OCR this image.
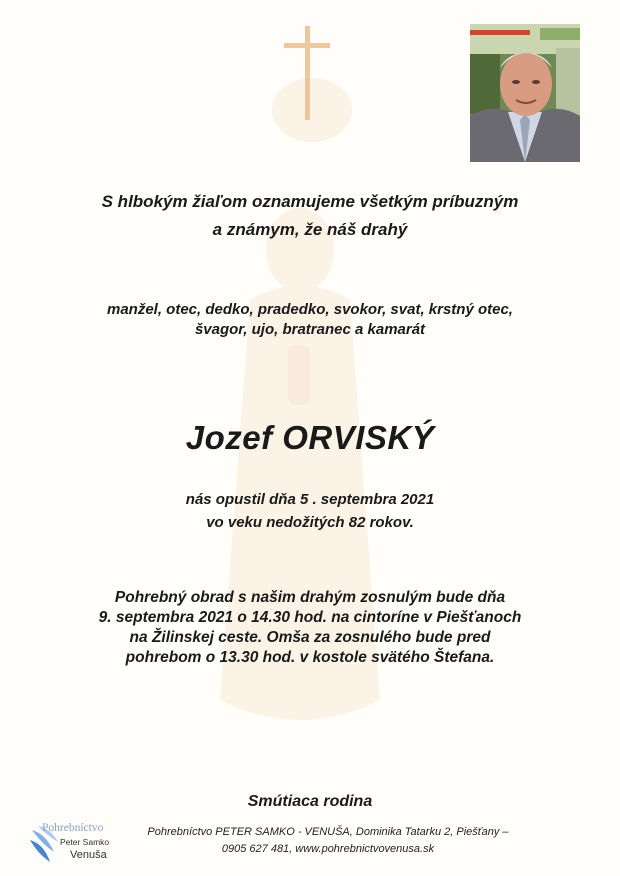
S hlbokým žiaľom oznamujeme všetkým príbuzným
a známym, že náš drahý
manžel, otec, dedko, pradedko, svokor, svat, krstný otec,
švagor, ujo, bratranec a kamarát
Jozef ORVISKÝ
nás opustil dňa 5 . septembra 2021
vo veku nedožitých 82 rokov.
Pohrebný obrad s našim drahým zosnulým bude dňa
9. septembra 2021 o 14.30 hod. na cintoríne v Piešťanoch
na Žilinskej ceste. Omša za zosnulého bude pred
pohrebom o 13.30 hod. v kostole svätého Štefana.
Smútiaca rodina
Pohrebníctvo
Peter Samko
Venuša
Pohrebníctvo PETER SAMKO - VENUŠA, Dominika Tatarku 2, Piešťany –
0905 627 481, www.pohrebnictvovenusa.sk
